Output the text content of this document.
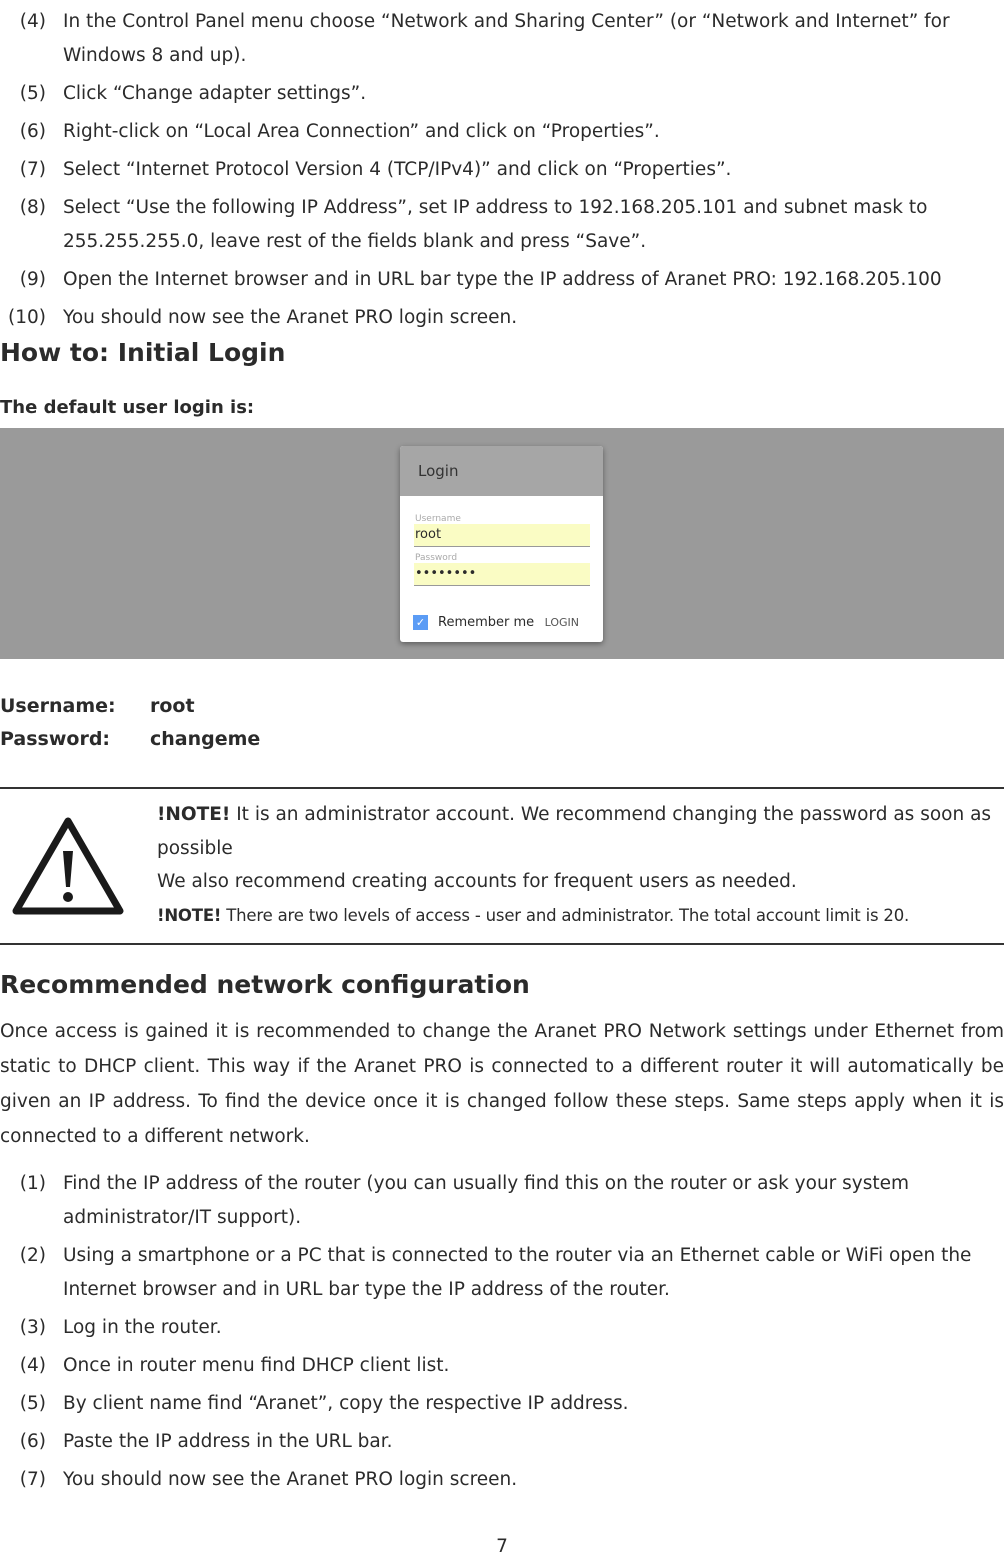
(4) In the Control Panel menu choose “Network and Sharing Center” (or “Network and Internet” for Windows 8 and up).
(5) Click “Change adapter settings”.
(6) Right-click on “Local Area Connection” and click on “Properties”.
(7) Select “Internet Protocol Version 4 (TCP/IPv4)” and click on “Properties”.
(8) Select “Use the following IP Address”, set IP address to 192.168.205.101 and subnet mask to 255.255.255.0, leave rest of the fields blank and press “Save”.
(9) Open the Internet browser and in URL bar type the IP address of Aranet PRO: 192.168.205.100
(10) You should now see the Aranet PRO login screen.
How to: Initial Login
The default user login is:
Login
Username
root
Password
••••••••
✓ Remember me LOGIN
Username: root
Password: changeme
!NOTE! It is an administrator account. We recommend changing the password as soon as possible
We also recommend creating accounts for frequent users as needed.
!NOTE! There are two levels of access - user and administrator. The total account limit is 20.
Recommended network configuration

Once access is gained it is recommended to change the Aranet PRO Network settings under Ethernet from static to DHCP client. This way if the Aranet PRO is connected to a different router it will automatically be given an IP address. To find the device once it is changed follow these steps. Same steps apply when it is connected to a different network.

(1) Find the IP address of the router (you can usually find this on the router or ask your system administrator/IT support).
(2) Using a smartphone or a PC that is connected to the router via an Ethernet cable or WiFi open the Internet browser and in URL bar type the IP address of the router.
(3) Log in the router.
(4) Once in router menu find DHCP client list.
(5) By client name find “Aranet”, copy the respective IP address.
(6) Paste the IP address in the URL bar.
(7) You should now see the Aranet PRO login screen.
7
